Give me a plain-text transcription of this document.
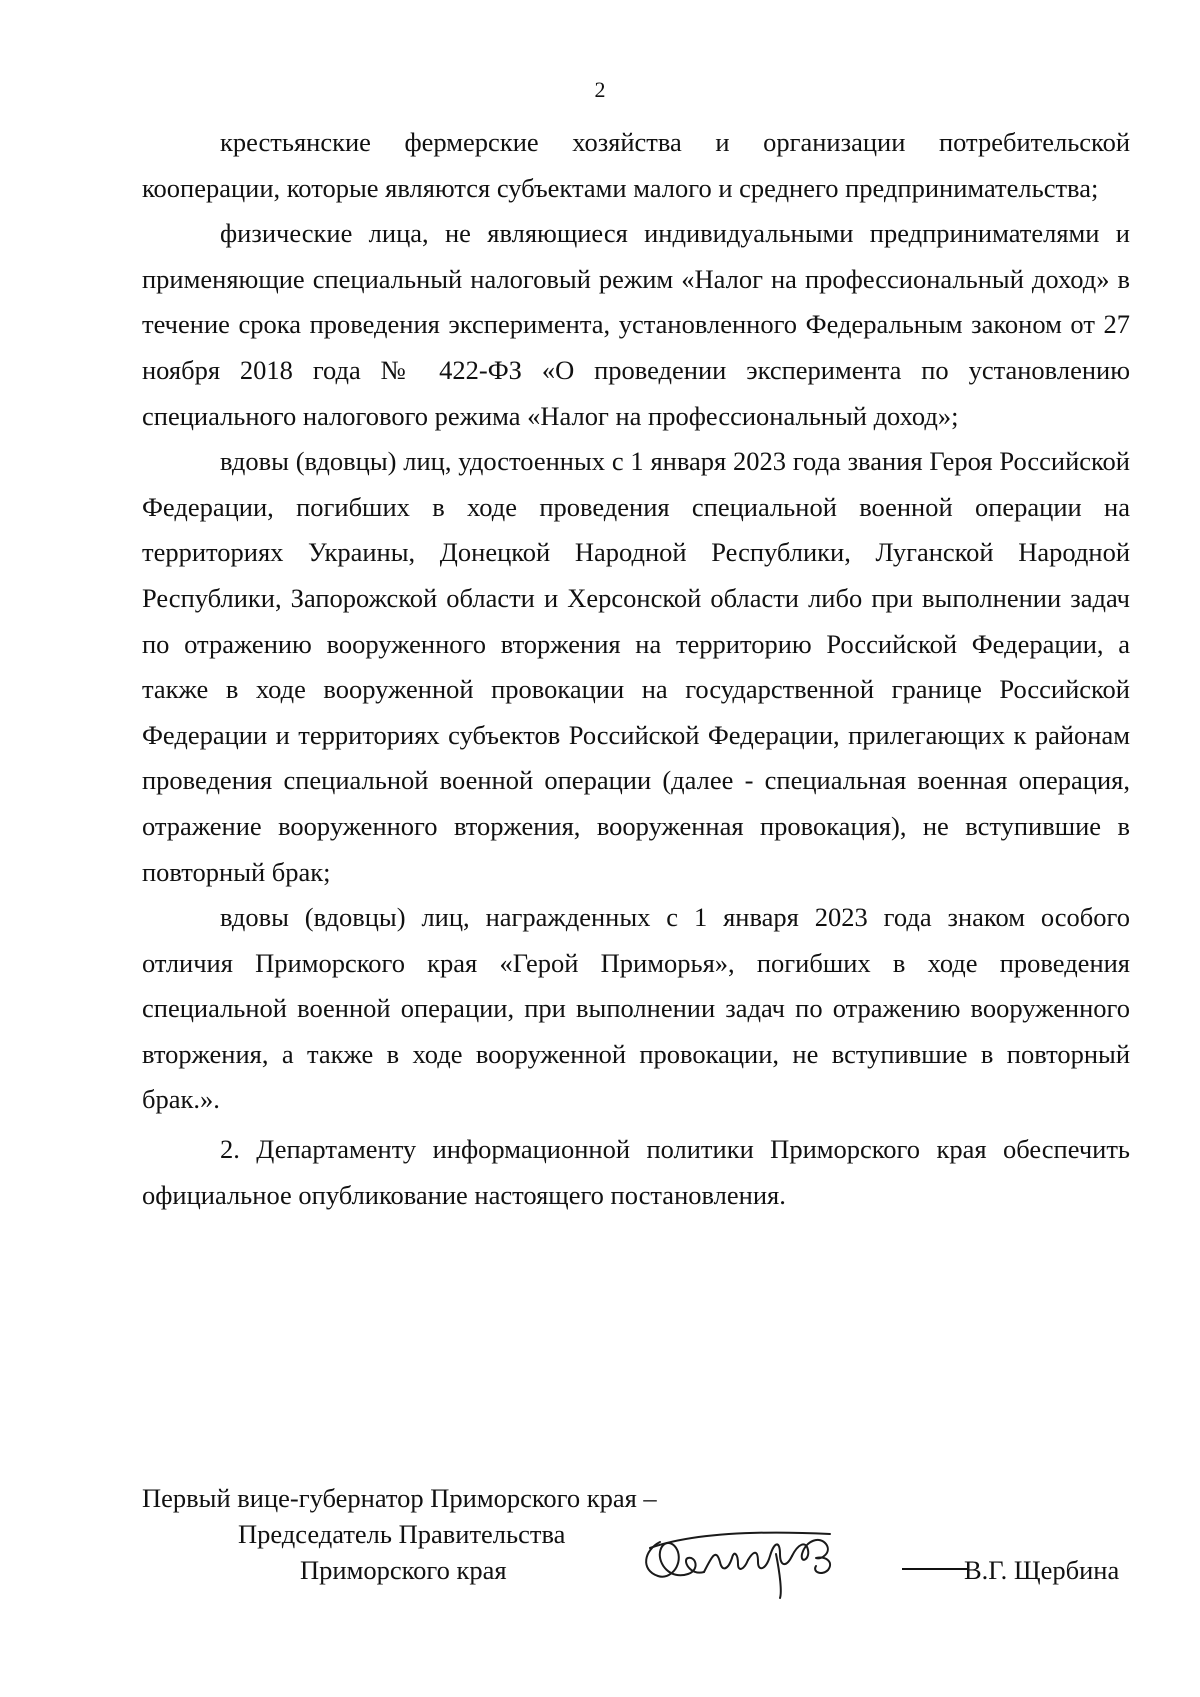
2

крестьянские фермерские хозяйства и организации потребительской кооперации, которые являются субъектами малого и среднего предпринимательства;

физические лица, не являющиеся индивидуальными предпринимателями и применяющие специальный налоговый режим «Налог на профессиональный доход» в течение срока проведения эксперимента, установленного Федеральным законом от 27 ноября 2018 года № 422-ФЗ «О проведении эксперимента по установлению специального налогового режима «Налог на профессиональный доход»;

вдовы (вдовцы) лиц, удостоенных с 1 января 2023 года звания Героя Российской Федерации, погибших в ходе проведения специальной военной операции на территориях Украины, Донецкой Народной Республики, Луганской Народной Республики, Запорожской области и Херсонской области либо при выполнении задач по отражению вооруженного вторжения на территорию Российской Федерации, а также в ходе вооруженной провокации на государственной границе Российской Федерации и территориях субъектов Российской Федерации, прилегающих к районам проведения специальной военной операции (далее - специальная военная операция, отражение вооруженного вторжения, вооруженная провокация), не вступившие в повторный брак;

вдовы (вдовцы) лиц, награжденных с 1 января 2023 года знаком особого отличия Приморского края «Герой Приморья», погибших в ходе проведения специальной военной операции, при выполнении задач по отражению вооруженного вторжения, а также в ходе вооруженной провокации, не вступившие в повторный брак.».

2. Департаменту информационной политики Приморского края обеспечить официальное опубликование настоящего постановления.

Первый вице-губернатор Приморского края –
Председатель Правительства
Приморского края	В.Г. Щербина
